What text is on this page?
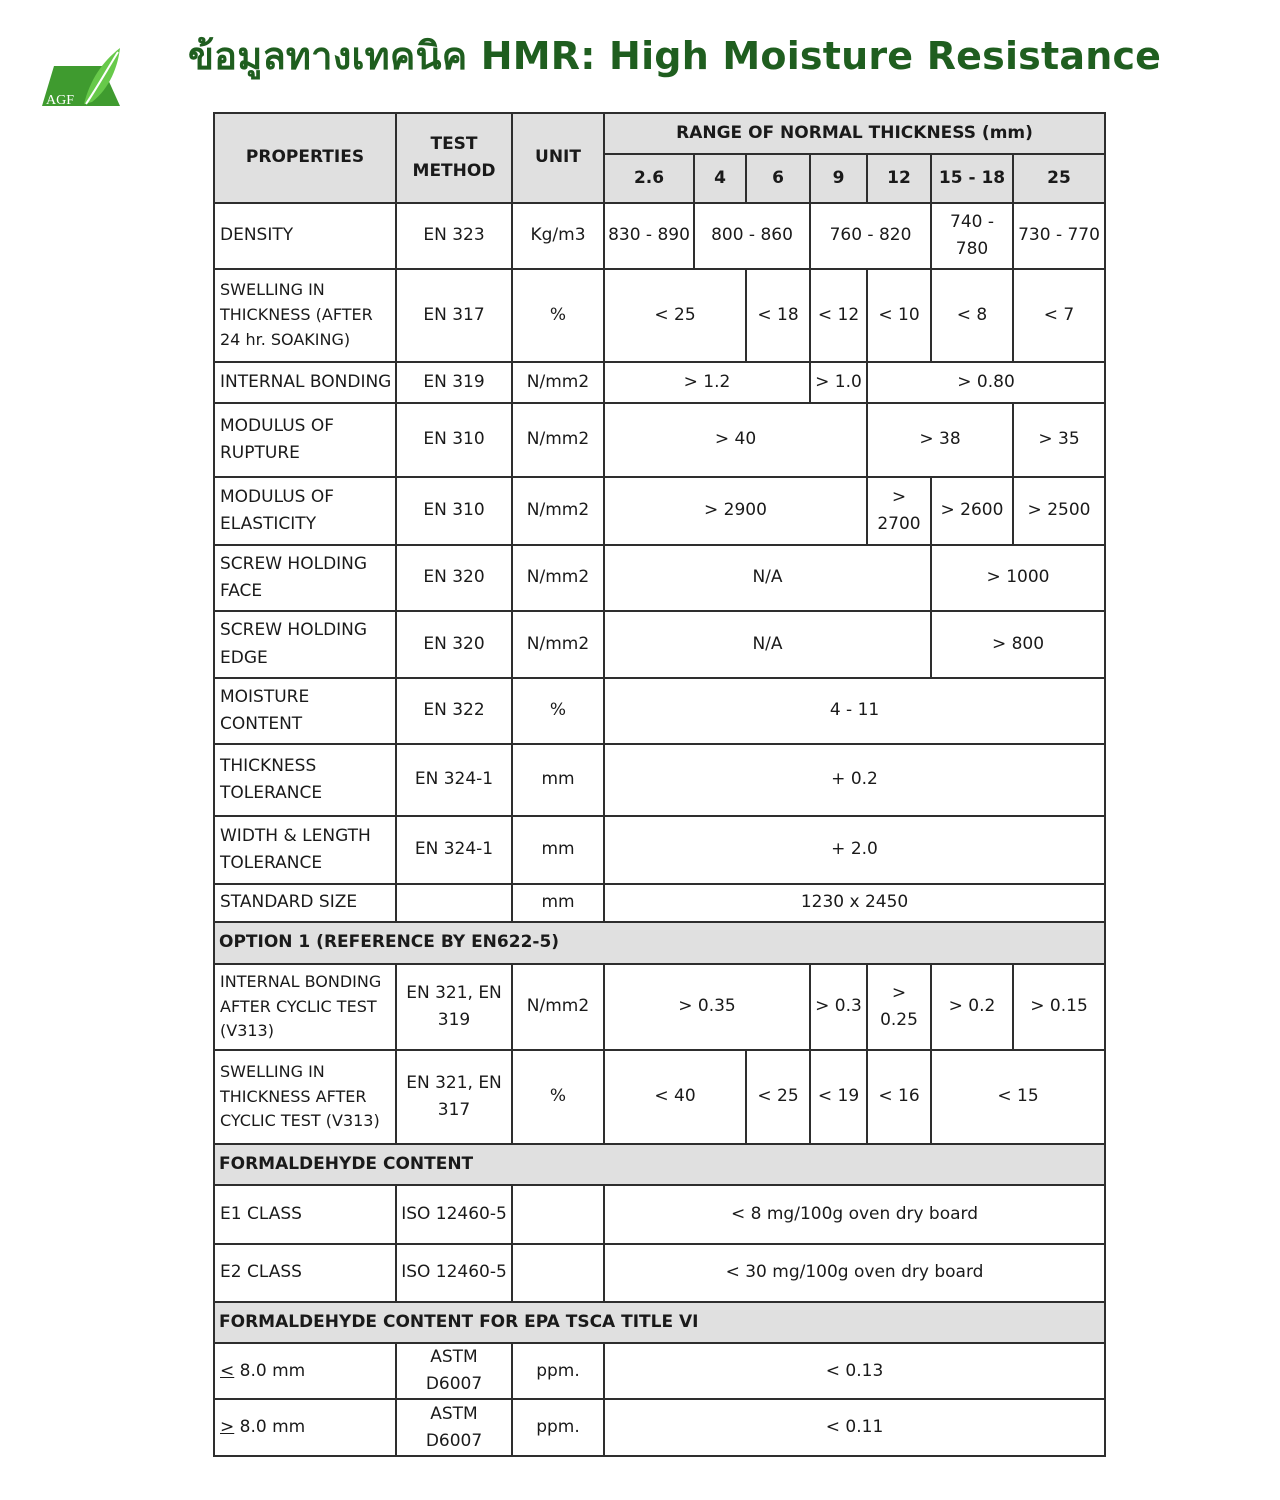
AGF
ข้อมูลทางเทคนิค HMR: High Moisture Resistance
PROPERTIES	TEST METHOD	UNIT	RANGE OF NORMAL THICKNESS (mm)						
			2.6	4	6	9	12	15 - 18	25
DENSITY	EN 323	Kg/m3	830 - 890	800 - 860		760 - 820		740 - 780	730 - 770
SWELLING IN THICKNESS (AFTER 24 hr. SOAKING)	EN 317	%	< 25		< 18	< 12	< 10	< 8	< 7
INTERNAL BONDING	EN 319	N/mm2	> 1.2			> 1.0	> 0.80		
MODULUS OF RUPTURE	EN 310	N/mm2	> 40				> 38		> 35
MODULUS OF ELASTICITY	EN 310	N/mm2	> 2900				> 2700	> 2600	> 2500
SCREW HOLDING FACE	EN 320	N/mm2	N/A					> 1000	
SCREW HOLDING EDGE	EN 320	N/mm2	N/A					> 800	
MOISTURE CONTENT	EN 322	%	4 - 11						
THICKNESS TOLERANCE	EN 324-1	mm	+ 0.2						
WIDTH & LENGTH TOLERANCE	EN 324-1	mm	+ 2.0						
STANDARD SIZE		mm	1230 x 2450						
OPTION 1 (REFERENCE BY EN622-5)									
INTERNAL BONDING AFTER CYCLIC TEST (V313)	EN 321, EN 319	N/mm2	> 0.35			> 0.3	> 0.25	> 0.2	> 0.15
SWELLING IN THICKNESS AFTER CYCLIC TEST (V313)	EN 321, EN 317	%	< 40		< 25	< 19	< 16	< 15	
FORMALDEHYDE CONTENT									
E1 CLASS	ISO 12460-5		< 8 mg/100g oven dry board						
E2 CLASS	ISO 12460-5		< 30 mg/100g oven dry board						
FORMALDEHYDE CONTENT FOR EPA TSCA TITLE VI									
≤ 8.0 mm	ASTM D6007	ppm.	< 0.13						
≥ 8.0 mm	ASTM D6007	ppm.	< 0.11						
